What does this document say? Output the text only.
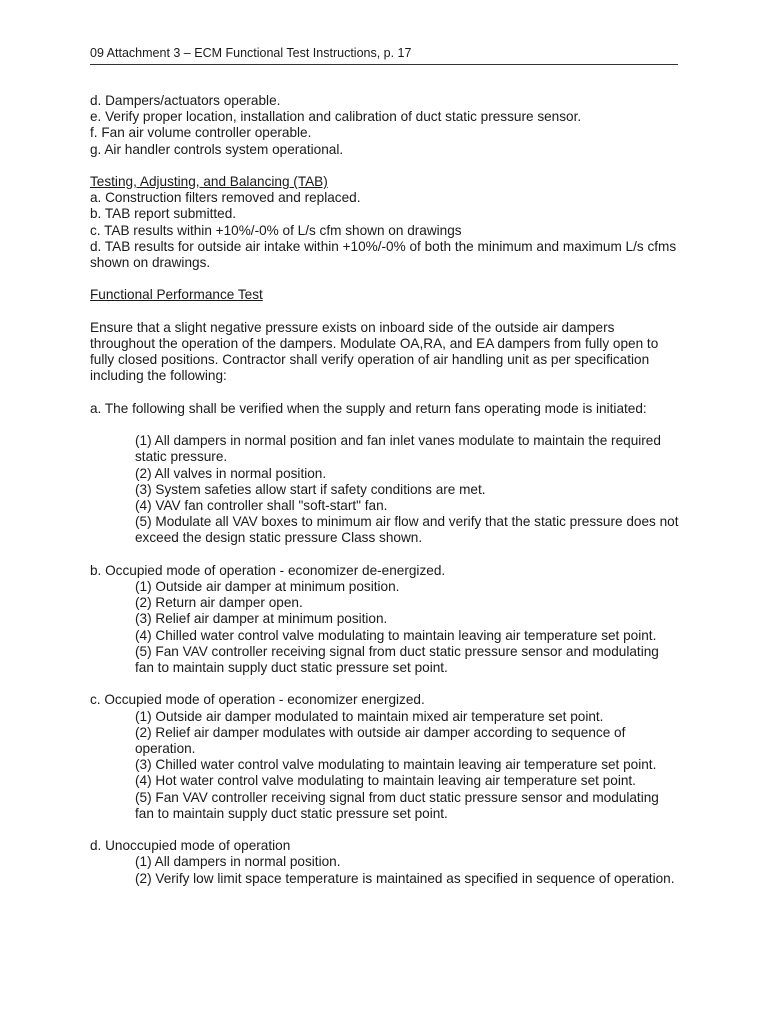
09 Attachment 3 – ECM Functional Test Instructions, p. 17

d. Dampers/actuators operable.

e. Verify proper location, installation and calibration of duct static pressure sensor.

f. Fan air volume controller operable.

g. Air handler controls system operational.

Testing, Adjusting, and Balancing (TAB)

a. Construction filters removed and replaced.

b. TAB report submitted.

c. TAB results within +10%/-0% of L/s cfm shown on drawings

d. TAB results for outside air intake within +10%/-0% of both the minimum and maximum L/s cfms shown on drawings.

Functional Performance Test

Ensure that a slight negative pressure exists on inboard side of the outside air dampers throughout the operation of the dampers. Modulate OA,RA, and EA dampers from fully open to fully closed positions. Contractor shall verify operation of air handling unit as per specification including the following:

a. The following shall be verified when the supply and return fans operating mode is initiated:

(1) All dampers in normal position and fan inlet vanes modulate to maintain the required static pressure.

(2) All valves in normal position.

(3) System safeties allow start if safety conditions are met.

(4) VAV fan controller shall "soft-start" fan.

(5) Modulate all VAV boxes to minimum air flow and verify that the static pressure does not exceed the design static pressure Class shown.

b. Occupied mode of operation - economizer de-energized.

(1) Outside air damper at minimum position.

(2) Return air damper open.

(3) Relief air damper at minimum position.

(4) Chilled water control valve modulating to maintain leaving air temperature set point.

(5) Fan VAV controller receiving signal from duct static pressure sensor and modulating fan to maintain supply duct static pressure set point.

c. Occupied mode of operation - economizer energized.

(1) Outside air damper modulated to maintain mixed air temperature set point.

(2) Relief air damper modulates with outside air damper according to sequence of operation.

(3) Chilled water control valve modulating to maintain leaving air temperature set point.

(4) Hot water control valve modulating to maintain leaving air temperature set point.

(5) Fan VAV controller receiving signal from duct static pressure sensor and modulating fan to maintain supply duct static pressure set point.

d. Unoccupied mode of operation

(1) All dampers in normal position.

(2) Verify low limit space temperature is maintained as specified in sequence of operation.
